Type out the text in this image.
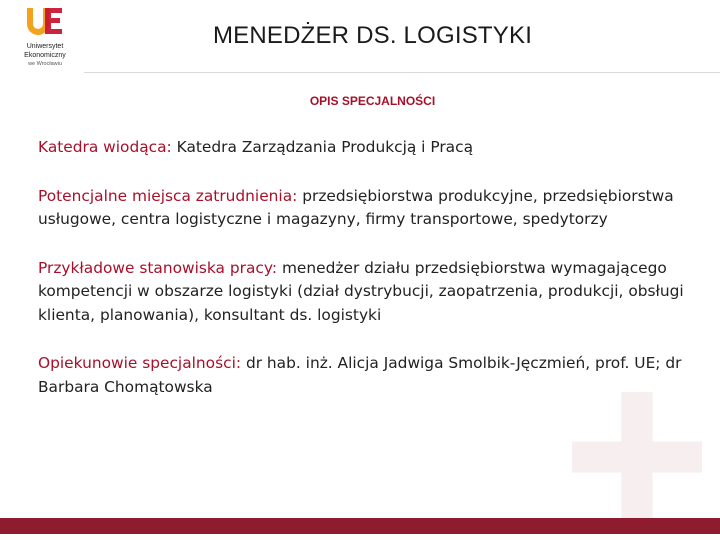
Uniwersytet
Ekonomiczny
we Wrocławiu
MENEDŻER DS. LOGISTYKI
OPIS SPECJALNOŚCI

Katedra wiodąca: Katedra Zarządzania Produkcją i Pracą

Potencjalne miejsca zatrudnienia: przedsiębiorstwa produkcyjne, przedsiębiorstwa usługowe, centra logistyczne i magazyny, firmy transportowe, spedytorzy

Przykładowe stanowiska pracy: menedżer działu przedsiębiorstwa wymagającego kompetencji w obszarze logistyki (dział dystrybucji, zaopatrzenia, produkcji, obsługi klienta, planowania), konsultant ds. logistyki

Opiekunowie specjalności: dr hab. inż. Alicja Jadwiga Smolbik-Jęczmień, prof. UE; dr Barbara Chomątowska
